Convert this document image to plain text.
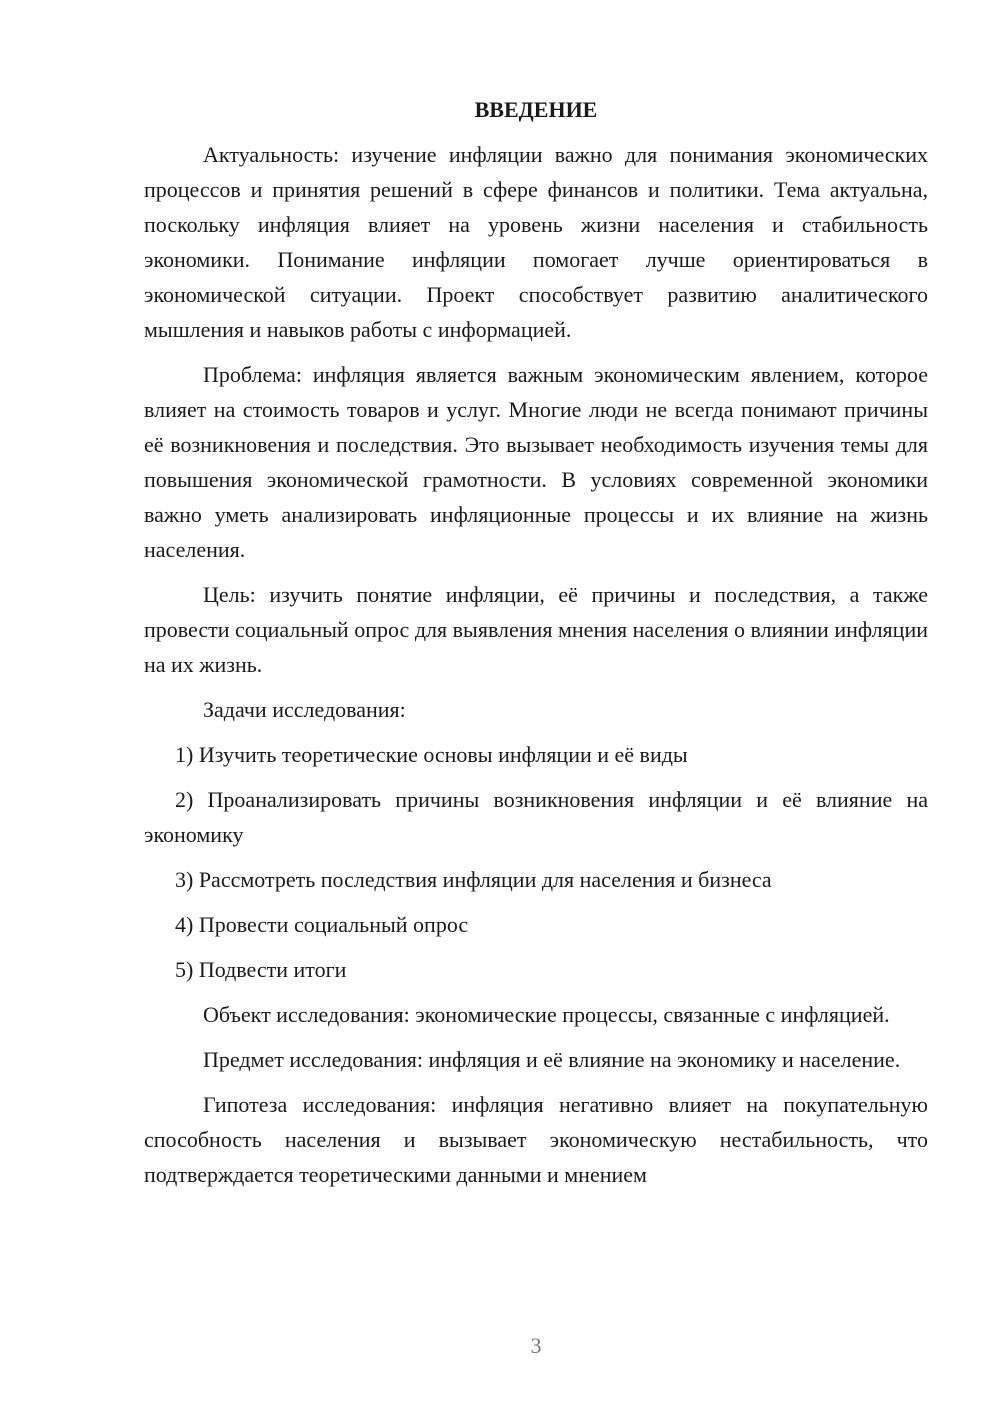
ВВЕДЕНИЕ

Актуальность: изучение инфляции важно для понимания экономических процессов и принятия решений в сфере финансов и политики. Тема актуальна, поскольку инфляция влияет на уровень жизни населения и стабильность экономики. Понимание инфляции помогает лучше ориентироваться в экономической ситуации. Проект способствует развитию аналитического мышления и навыков работы с информацией.

Проблема: инфляция является важным экономическим явлением, которое влияет на стоимость товаров и услуг. Многие люди не всегда понимают причины её возникновения и последствия. Это вызывает необходимость изучения темы для повышения экономической грамотности. В условиях современной экономики важно уметь анализировать инфляционные процессы и их влияние на жизнь населения.

Цель: изучить понятие инфляции, её причины и последствия, а также провести социальный опрос для выявления мнения населения о влиянии инфляции на их жизнь.

Задачи исследования:

1) Изучить теоретические основы инфляции и её виды

2) Проанализировать причины возникновения инфляции и её влияние на экономику

3) Рассмотреть последствия инфляции для населения и бизнеса

4) Провести социальный опрос

5) Подвести итоги

Объект исследования: экономические процессы, связанные с инфляцией.

Предмет исследования: инфляция и её влияние на экономику и население.

Гипотеза исследования: инфляция негативно влияет на покупательную способность населения и вызывает экономическую нестабильность, что подтверждается теоретическими данными и мнением

3
